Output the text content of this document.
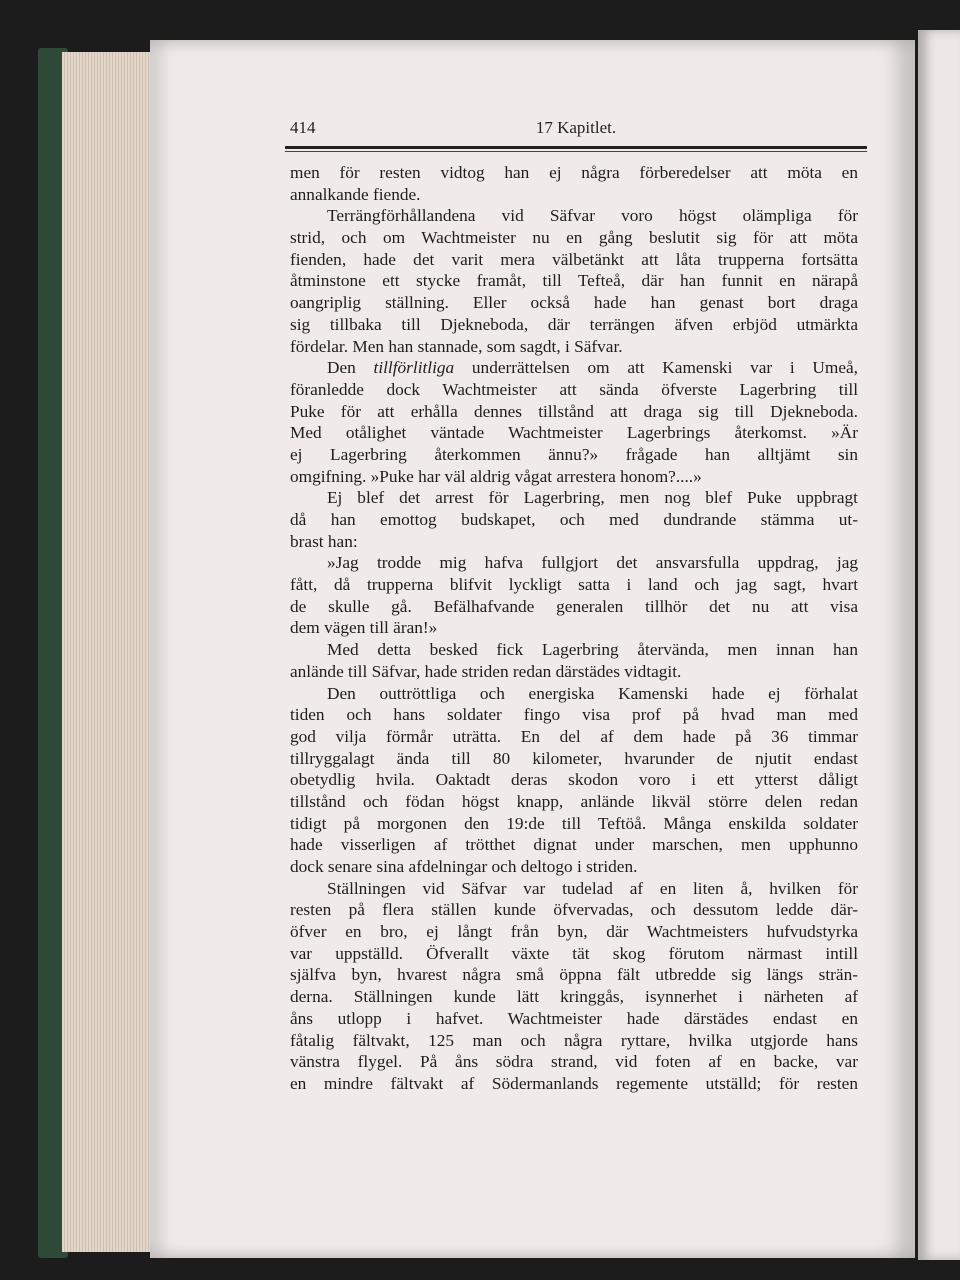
414	17 Kapitlet.
men för resten vidtog han ej några förberedelser att möta en
annalkande fiende.
Terrängförhållandena vid Säfvar voro högst olämpliga för
strid, och om Wachtmeister nu en gång beslutit sig för att möta
fienden, hade det varit mera välbetänkt att låta trupperna fortsätta
åtminstone ett stycke framåt, till Tefteå, där han funnit en närapå
oangriplig ställning. Eller också hade han genast bort draga
sig tillbaka till Djekneboda, där terrängen äfven erbjöd utmärkta
fördelar. Men han stannade, som sagdt, i Säfvar.
Den tillförlitliga underrättelsen om att Kamenski var i Umeå,
föranledde dock Wachtmeister att sända öfverste Lagerbring till
Puke för att erhålla dennes tillstånd att draga sig till Djekneboda.
Med otålighet väntade Wachtmeister Lagerbrings återkomst. »Är
ej Lagerbring återkommen ännu?» frågade han alltjämt sin
omgifning. »Puke har väl aldrig vågat arrestera honom?....»
Ej blef det arrest för Lagerbring, men nog blef Puke uppbragt
då han emottog budskapet, och med dundrande stämma ut-
brast han:
»Jag trodde mig hafva fullgjort det ansvarsfulla uppdrag, jag
fått, då trupperna blifvit lyckligt satta i land och jag sagt, hvart
de skulle gå. Befälhafvande generalen tillhör det nu att visa
dem vägen till äran!»
Med detta besked fick Lagerbring återvända, men innan han
anlände till Säfvar, hade striden redan därstädes vidtagit.
Den outtröttliga och energiska Kamenski hade ej förhalat
tiden och hans soldater fingo visa prof på hvad man med
god vilja förmår uträtta. En del af dem hade på 36 timmar
tillryggalagt ända till 80 kilometer, hvarunder de njutit endast
obetydlig hvila. Oaktadt deras skodon voro i ett ytterst dåligt
tillstånd och födan högst knapp, anlände likväl större delen redan
tidigt på morgonen den 19:de till Teftöå. Många enskilda soldater
hade visserligen af trötthet dignat under marschen, men upphunno
dock senare sina afdelningar och deltogo i striden.
Ställningen vid Säfvar var tudelad af en liten å, hvilken för
resten på flera ställen kunde öfvervadas, och dessutom ledde där-
öfver en bro, ej långt från byn, där Wachtmeisters hufvudstyrka
var uppställd. Öfverallt växte tät skog förutom närmast intill
själfva byn, hvarest några små öppna fält utbredde sig längs strän-
derna. Ställningen kunde lätt kringgås, isynnerhet i närheten af
åns utlopp i hafvet. Wachtmeister hade därstädes endast en
fåtalig fältvakt, 125 man och några ryttare, hvilka utgjorde hans
vänstra flygel. På åns södra strand, vid foten af en backe, var
en mindre fältvakt af Södermanlands regemente utställd; för resten
